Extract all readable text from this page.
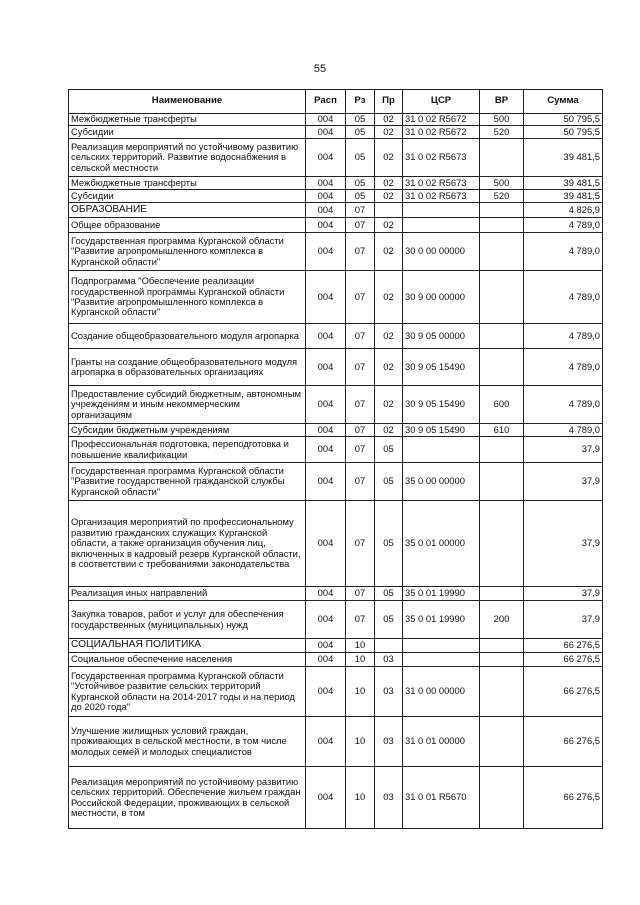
55
Наименование	Расп	Рз	Пр	ЦСР	ВР	Сумма
Межбюджетные трансферты	004	05	02	31 0 02 R5672	500	50 795,5
Субсидии	004	05	02	31 0 02 R5672	520	50 795,5
Реализация мероприятий по устойчивому развитию сельских территорий. Развитие водоснабжения в сельской местности	004	05	02	31 0 02 R5673		39 481,5
Межбюджетные трансферты	004	05	02	31 0 02 R5673	500	39 481,5
Субсидии	004	05	02	31 0 02 R5673	520	39 481,5
ОБРАЗОВАНИЕ	004	07				4 826,9
Общее образование	004	07	02			4 789,0
Государственная программа Курганской области "Развитие агропромышленного комплекса в Курганской области"	004	07	02	30 0 00 00000		4 789,0
Подпрограмма "Обеспечение реализации государственной программы Курганской области "Развитие агропромышленного комплекса в Курганской области"	004	07	02	30 9 00 00000		4 789,0
Создание общеобразовательного модуля агропарка	004	07	02	30 9 05 00000		4 789,0
Гранты на создание общеобразовательного модуля агропарка в образовательных организациях	004	07	02	30 9 05 15490		4 789,0
Предоставление субсидий бюджетным, автономным учреждениям и иным некоммерческим организациям	004	07	02	30 9 05 15490	600	4 789,0
Субсидии бюджетным учреждениям	004	07	02	30 9 05 15490	610	4 789,0
Профессиональная подготовка, переподготовка и повышение квалификации	004	07	05			37,9
Государственная программа Курганской области "Развитие государственной гражданской службы Курганской области"	004	07	05	35 0 00 00000		37,9
Организация мероприятий по профессиональному развитию гражданских служащих Курганской области, а также организация обучения лиц, включенных в кадровый резерв Курганской области, в соответствии с требованиями законодательства	004	07	05	35 0 01 00000		37,9
Реализация иных направлений	004	07	05	35 0 01 19990		37,9
Закупка товаров, работ и услуг для обеспечения государственных (муниципальных) нужд	004	07	05	35 0 01 19990	200	37,9
СОЦИАЛЬНАЯ ПОЛИТИКА	004	10				66 276,5
Социальное обеспечение населения	004	10	03			66 276,5
Государственная программа Курганской области "Устойчивое развитие сельских территорий Курганской области на 2014-2017 годы и на период до 2020 года"	004	10	03	31 0 00 00000		66 276,5
Улучшение жилищных условий граждан, проживающих в сельской местности, в том числе молодых семей и молодых специалистов	004	10	03	31 0 01 00000		66 276,5
Реализация мероприятий по устойчивому развитию сельских территорий. Обеспечение жильем граждан Российской Федерации, проживающих в сельской местности, в том	004	10	03	31 0 01 R5670		66 276,5
